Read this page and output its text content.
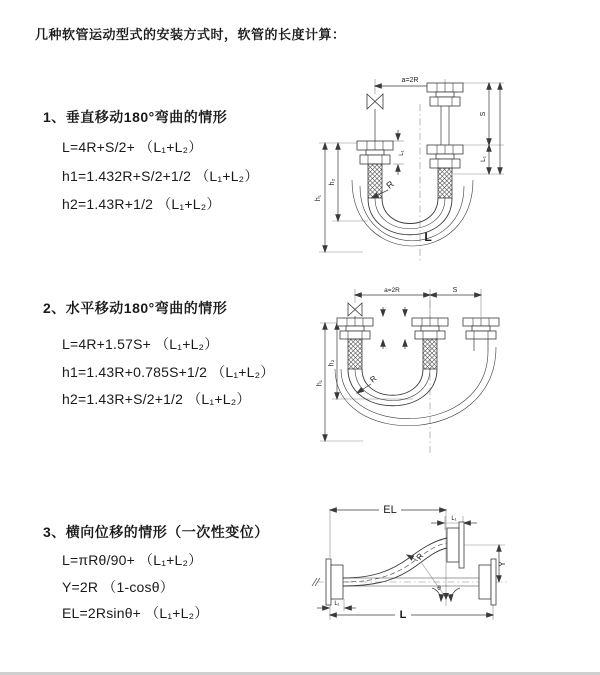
几种软管运动型式的安装方式时，软管的长度计算：
1、垂直移动180°弯曲的情形
L=4R+S/2+ （L₁+L₂）
h1=1.432R+S/2+1/2 （L₁+L₂）
h2=1.43R+1/2 （L₁+L₂）
2、水平移动180°弯曲的情形
L=4R+1.57S+ （L₁+L₂）
h1=1.43R+0.785S+1/2 （L₁+L₂）
h2=1.43R+S/2+1/2 （L₁+L₂）
3、横向位移的情形（一次性变位）
L=πRθ/90+ （L₁+L₂）
Y=2R （1-cosθ）
EL=2Rsinθ+ （L₁+L₂）
a=2R
h₁
h₂
S
L₁
L₁
R
L
a=2R	S
h₁
h₂
R
EL
L₁
R
θ
Y
L
L₁
